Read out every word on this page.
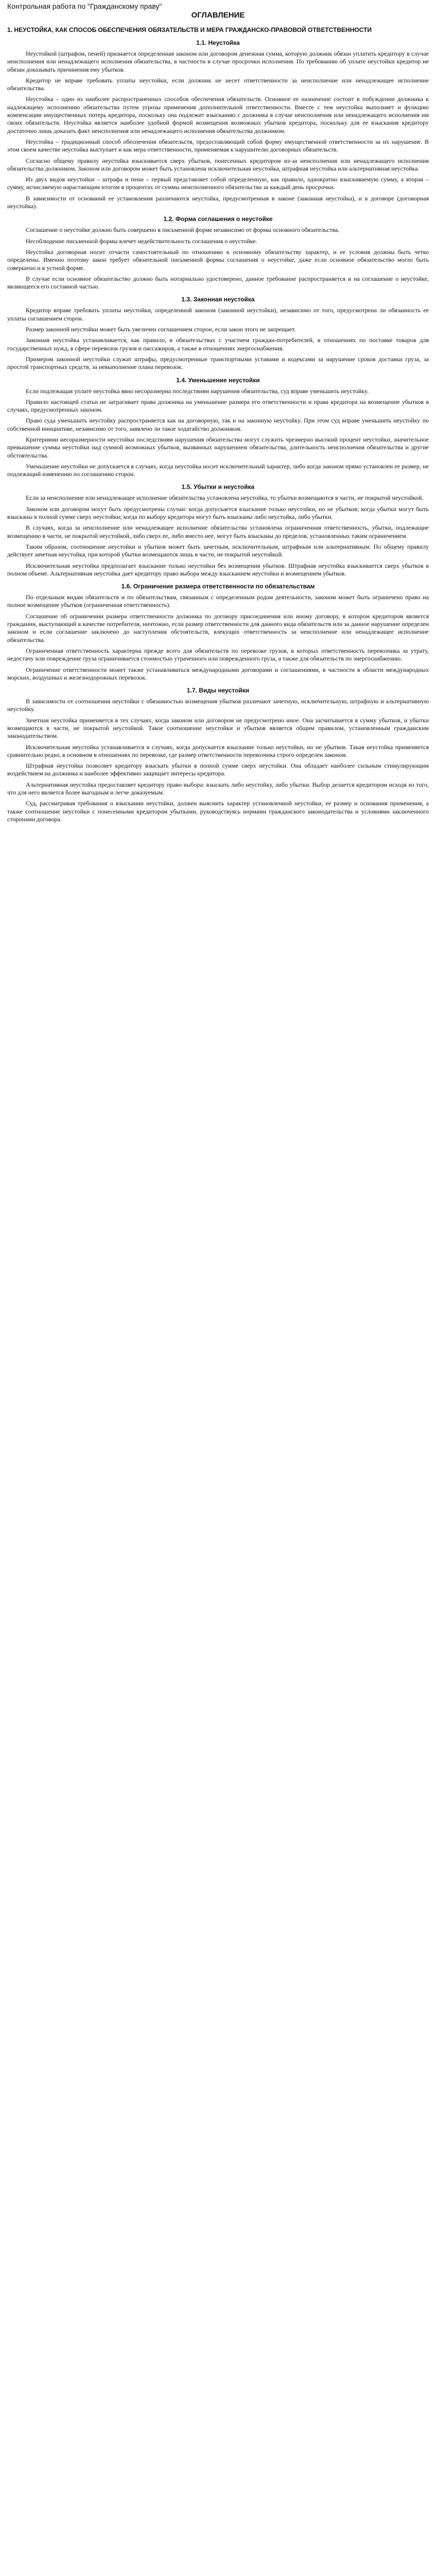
Контрольная работа по "Гражданскому праву"
ОГЛАВЛЕНИЕ
1. НЕУСТОЙКА, КАК СПОСОБ ОБЕСПЕЧЕНИЯ ОБЯЗАТЕЛЬСТВ И МЕРА ГРАЖДАНСКО-ПРАВОВОЙ ОТВЕТСТВЕННОСТИ
1.1. Неустойка

Неустойкой (штрафом, пеней) признается определенная законом или договором денежная сумма, которую должник обязан уплатить кредитору в случае неисполнения или ненадлежащего исполнения обязательства, в частности в случае просрочки исполнения. По требованию об уплате неустойки кредитор не обязан доказывать причинения ему убытков.

Кредитор не вправе требовать уплаты неустойки, если должник не несет ответственности за неисполнение или ненадлежащее исполнение обязательства.

Неустойка – один из наиболее распространенных способов обеспечения обязательств. Основное ее назначение состоит в побуждении должника к надлежащему исполнению обязательства путем угрозы применения дополнительной ответственности. Вместе с тем неустойка выполняет и функцию компенсации имущественных потерь кредитора, поскольку она подлежит взысканию с должника в случае неисполнения или ненадлежащего исполнения им своих обязательств. Неустойка является наиболее удобной формой возмещения возможных убытков кредитора, поскольку для ее взыскания кредитору достаточно лишь доказать факт неисполнения или ненадлежащего исполнения обязательства должником.

Неустойка – традиционный способ обеспечения обязательств, предоставляющий собой форму имущественной ответственности за их нарушение. В этом своем качестве неустойка выступает и как мера ответственности, применяемая к нарушителю договорных обязательств.

Согласно общему правилу неустойка взыскивается сверх убытков, понесенных кредитором из-за неисполнения или ненадлежащего исполнения обязательства должником. Законом или договором может быть установлена исключительная неустойка, штрафная неустойка или альтернативная неустойка.

Из двух видов неустойки – штрафа и пени – первый представляет собой определенную, как правило, однократно взыскиваемую сумму, а вторая – сумму, исчисляемую нарастающим итогом в процентах от суммы неисполненного обязательства за каждый день просрочки.

В зависимости от оснований ее установления различаются неустойка, предусмотренная в законе (законная неустойка), и в договоре (договорная неустойка).

1.2. Форма соглашения о неустойке

Соглашение о неустойке должно быть совершено в письменной форме независимо от формы основного обязательства.

Несоблюдение письменной формы влечет недействительность соглашения о неустойке.

Неустойка договорная носит отчасти самостоятельный по отношению к основному обязательству характер, и ее условия должны быть четко определены. Именно поэтому закон требует обязательной письменной формы соглашения о неустойке, даже если основное обязательство могло быть совершено и в устной форме.

В случае если основное обязательство должно быть нотариально удостоверено, данное требование распространяется и на соглашение о неустойке, являющееся его составной частью.

1.3. Законная неустойка

Кредитор вправе требовать уплаты неустойки, определенной законом (законной неустойки), независимо от того, предусмотрена ли обязанность ее уплаты соглашением сторон.

Размер законной неустойки может быть увеличен соглашением сторон, если закон этого не запрещает.

Законная неустойка устанавливается, как правило, в обязательствах с участием граждан-потребителей, в отношениях по поставке товаров для государственных нужд, в сфере перевозок грузов и пассажиров, а также в отношениях энергоснабжения.

Примером законной неустойки служат штрафы, предусмотренные транспортными уставами и кодексами за нарушение сроков доставки груза, за простой транспортных средств, за невыполнение плана перевозок.

1.4. Уменьшение неустойки

Если подлежащая уплате неустойка явно несоразмерна последствиям нарушения обязательства, суд вправе уменьшить неустойку.

Правило настоящей статьи не затрагивает права должника на уменьшение размера его ответственности и права кредитора на возмещение убытков в случаях, предусмотренных законом.

Право суда уменьшить неустойку распространяется как на договорную, так и на законную неустойку. При этом суд вправе уменьшить неустойку по собственной инициативе, независимо от того, заявлено ли такое ходатайство должником.

Критериями несоразмерности неустойки последствиям нарушения обязательства могут служить чрезмерно высокий процент неустойки, значительное превышение суммы неустойки над суммой возможных убытков, вызванных нарушением обязательства, длительность неисполнения обязательства и другие обстоятельства.

Уменьшение неустойки не допускается в случаях, когда неустойка носит исключительный характер, либо когда законом прямо установлен ее размер, не подлежащий изменению по соглашению сторон.

1.5. Убытки и неустойка

Если за неисполнение или ненадлежащее исполнение обязательства установлена неустойка, то убытки возмещаются в части, не покрытой неустойкой.

Законом или договором могут быть предусмотрены случаи: когда допускается взыскание только неустойки, но не убытков; когда убытки могут быть взысканы в полной сумме сверх неустойки; когда по выбору кредитора могут быть взысканы либо неустойка, либо убытки.

В случаях, когда за неисполнение или ненадлежащее исполнение обязательства установлена ограниченная ответственность, убытки, подлежащие возмещению в части, не покрытой неустойкой, либо сверх ее, либо вместо нее, могут быть взысканы до пределов, установленных таким ограничением.

Таким образом, соотношение неустойки и убытков может быть зачетным, исключительным, штрафным или альтернативным. По общему правилу действует зачетная неустойка, при которой убытки возмещаются лишь в части, не покрытой неустойкой.

Исключительная неустойка предполагает взыскание только неустойки без возмещения убытков. Штрафная неустойка взыскивается сверх убытков в полном объеме. Альтернативная неустойка дает кредитору право выбора между взысканием неустойки и возмещением убытков.

1.6. Ограничение размера ответственности по обязательствам

По отдельным видам обязательств и по обязательствам, связанным с определенным родом деятельности, законом может быть ограничено право на полное возмещение убытков (ограниченная ответственность).

Соглашение об ограничении размера ответственности должника по договору присоединения или иному договору, в котором кредитором является гражданин, выступающий в качестве потребителя, ничтожно, если размер ответственности для данного вида обязательств или за данное нарушение определен законом и если соглашение заключено до наступления обстоятельств, влекущих ответственность за неисполнение или ненадлежащее исполнение обязательства.

Ограниченная ответственность характерна прежде всего для обязательств по перевозке грузов, в которых ответственность перевозчика за утрату, недостачу или повреждение груза ограничивается стоимостью утраченного или поврежденного груза, а также для обязательств по энергоснабжению.

Ограничение ответственности может также устанавливаться международными договорами и соглашениями, в частности в области международных морских, воздушных и железнодорожных перевозок.

1.7. Виды неустойки

В зависимости от соотношения неустойки с обязанностью возмещения убытков различают зачетную, исключительную, штрафную и альтернативную неустойку.

Зачетная неустойка применяется в тех случаях, когда законом или договором не предусмотрено иное. Она засчитывается в сумму убытков, и убытки возмещаются в части, не покрытой неустойкой. Такое соотношение неустойки и убытков является общим правилом, установленным гражданским законодательством.

Исключительная неустойка устанавливается в случаях, когда допускается взыскание только неустойки, но не убытков. Такая неустойка применяется сравнительно редко, в основном в отношениях по перевозке, где размер ответственности перевозчика строго определен законом.

Штрафная неустойка позволяет кредитору взыскать убытки в полной сумме сверх неустойки. Она обладает наиболее сильным стимулирующим воздействием на должника и наиболее эффективно защищает интересы кредитора.

Альтернативная неустойка предоставляет кредитору право выбора: взыскать либо неустойку, либо убытки. Выбор делается кредитором исходя из того, что для него является более выгодным и легче доказуемым.

Суд, рассматривая требования о взыскании неустойки, должен выяснить характер установленной неустойки, ее размер и основания применения, а также соотношение неустойки с понесенными кредитором убытками, руководствуясь нормами гражданского законодательства и условиями заключенного сторонами договора.
